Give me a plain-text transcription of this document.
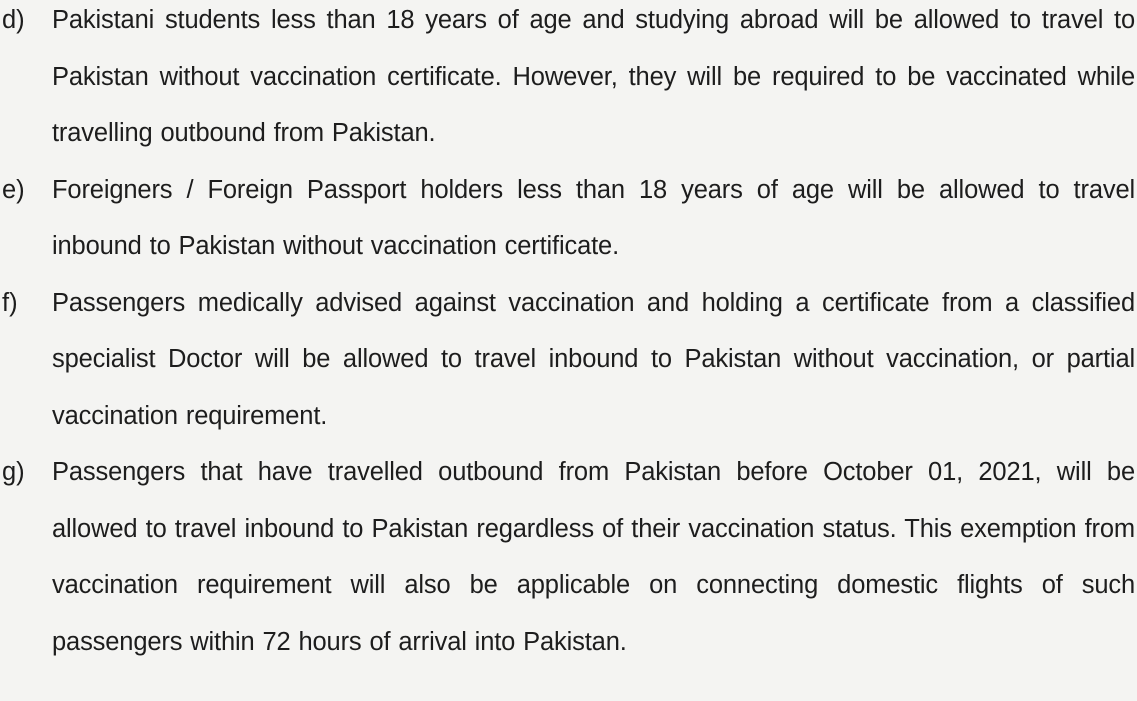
d) Pakistani students less than 18 years of age and studying abroad will be allowed to travel to Pakistan without vaccination certificate. However, they will be required to be vaccinated while travelling outbound from Pakistan.

e) Foreigners / Foreign Passport holders less than 18 years of age will be allowed to travel inbound to Pakistan without vaccination certificate.

f) Passengers medically advised against vaccination and holding a certificate from a classified specialist Doctor will be allowed to travel inbound to Pakistan without vaccination, or partial vaccination requirement.

g) Passengers that have travelled outbound from Pakistan before October 01, 2021, will be allowed to travel inbound to Pakistan regardless of their vaccination status. This exemption from vaccination requirement will also be applicable on connecting domestic flights of such passengers within 72 hours of arrival into Pakistan.
